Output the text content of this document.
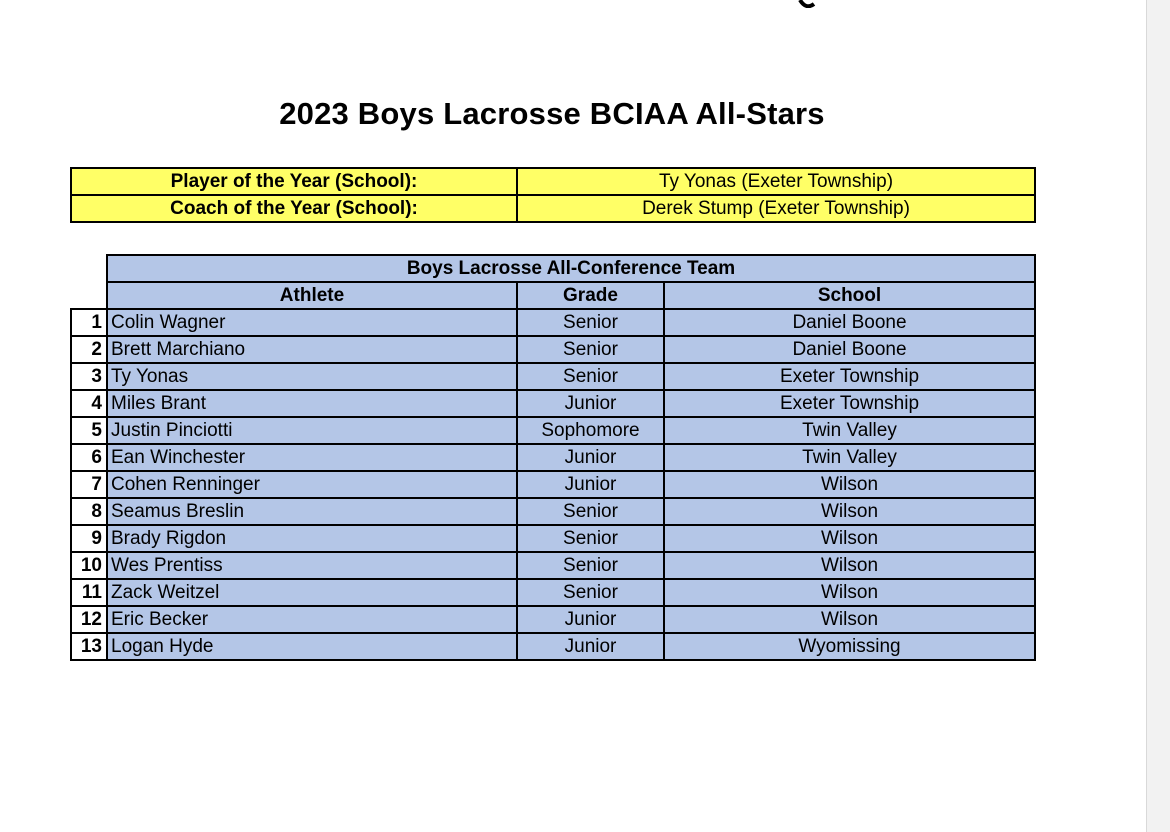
2023 Boys Lacrosse BCIAA All-Stars
Player of the Year (School):	Ty Yonas (Exeter Township)
Coach of the Year (School):	Derek Stump (Exeter Township)
	Boys Lacrosse All-Conference Team		
	Athlete	Grade	School
1	Colin Wagner	Senior	Daniel Boone
2	Brett Marchiano	Senior	Daniel Boone
3	Ty Yonas	Senior	Exeter Township
4	Miles Brant	Junior	Exeter Township
5	Justin Pinciotti	Sophomore	Twin Valley
6	Ean Winchester	Junior	Twin Valley
7	Cohen Renninger	Junior	Wilson
8	Seamus Breslin	Senior	Wilson
9	Brady Rigdon	Senior	Wilson
10	Wes Prentiss	Senior	Wilson
11	Zack Weitzel	Senior	Wilson
12	Eric Becker	Junior	Wilson
13	Logan Hyde	Junior	Wyomissing
